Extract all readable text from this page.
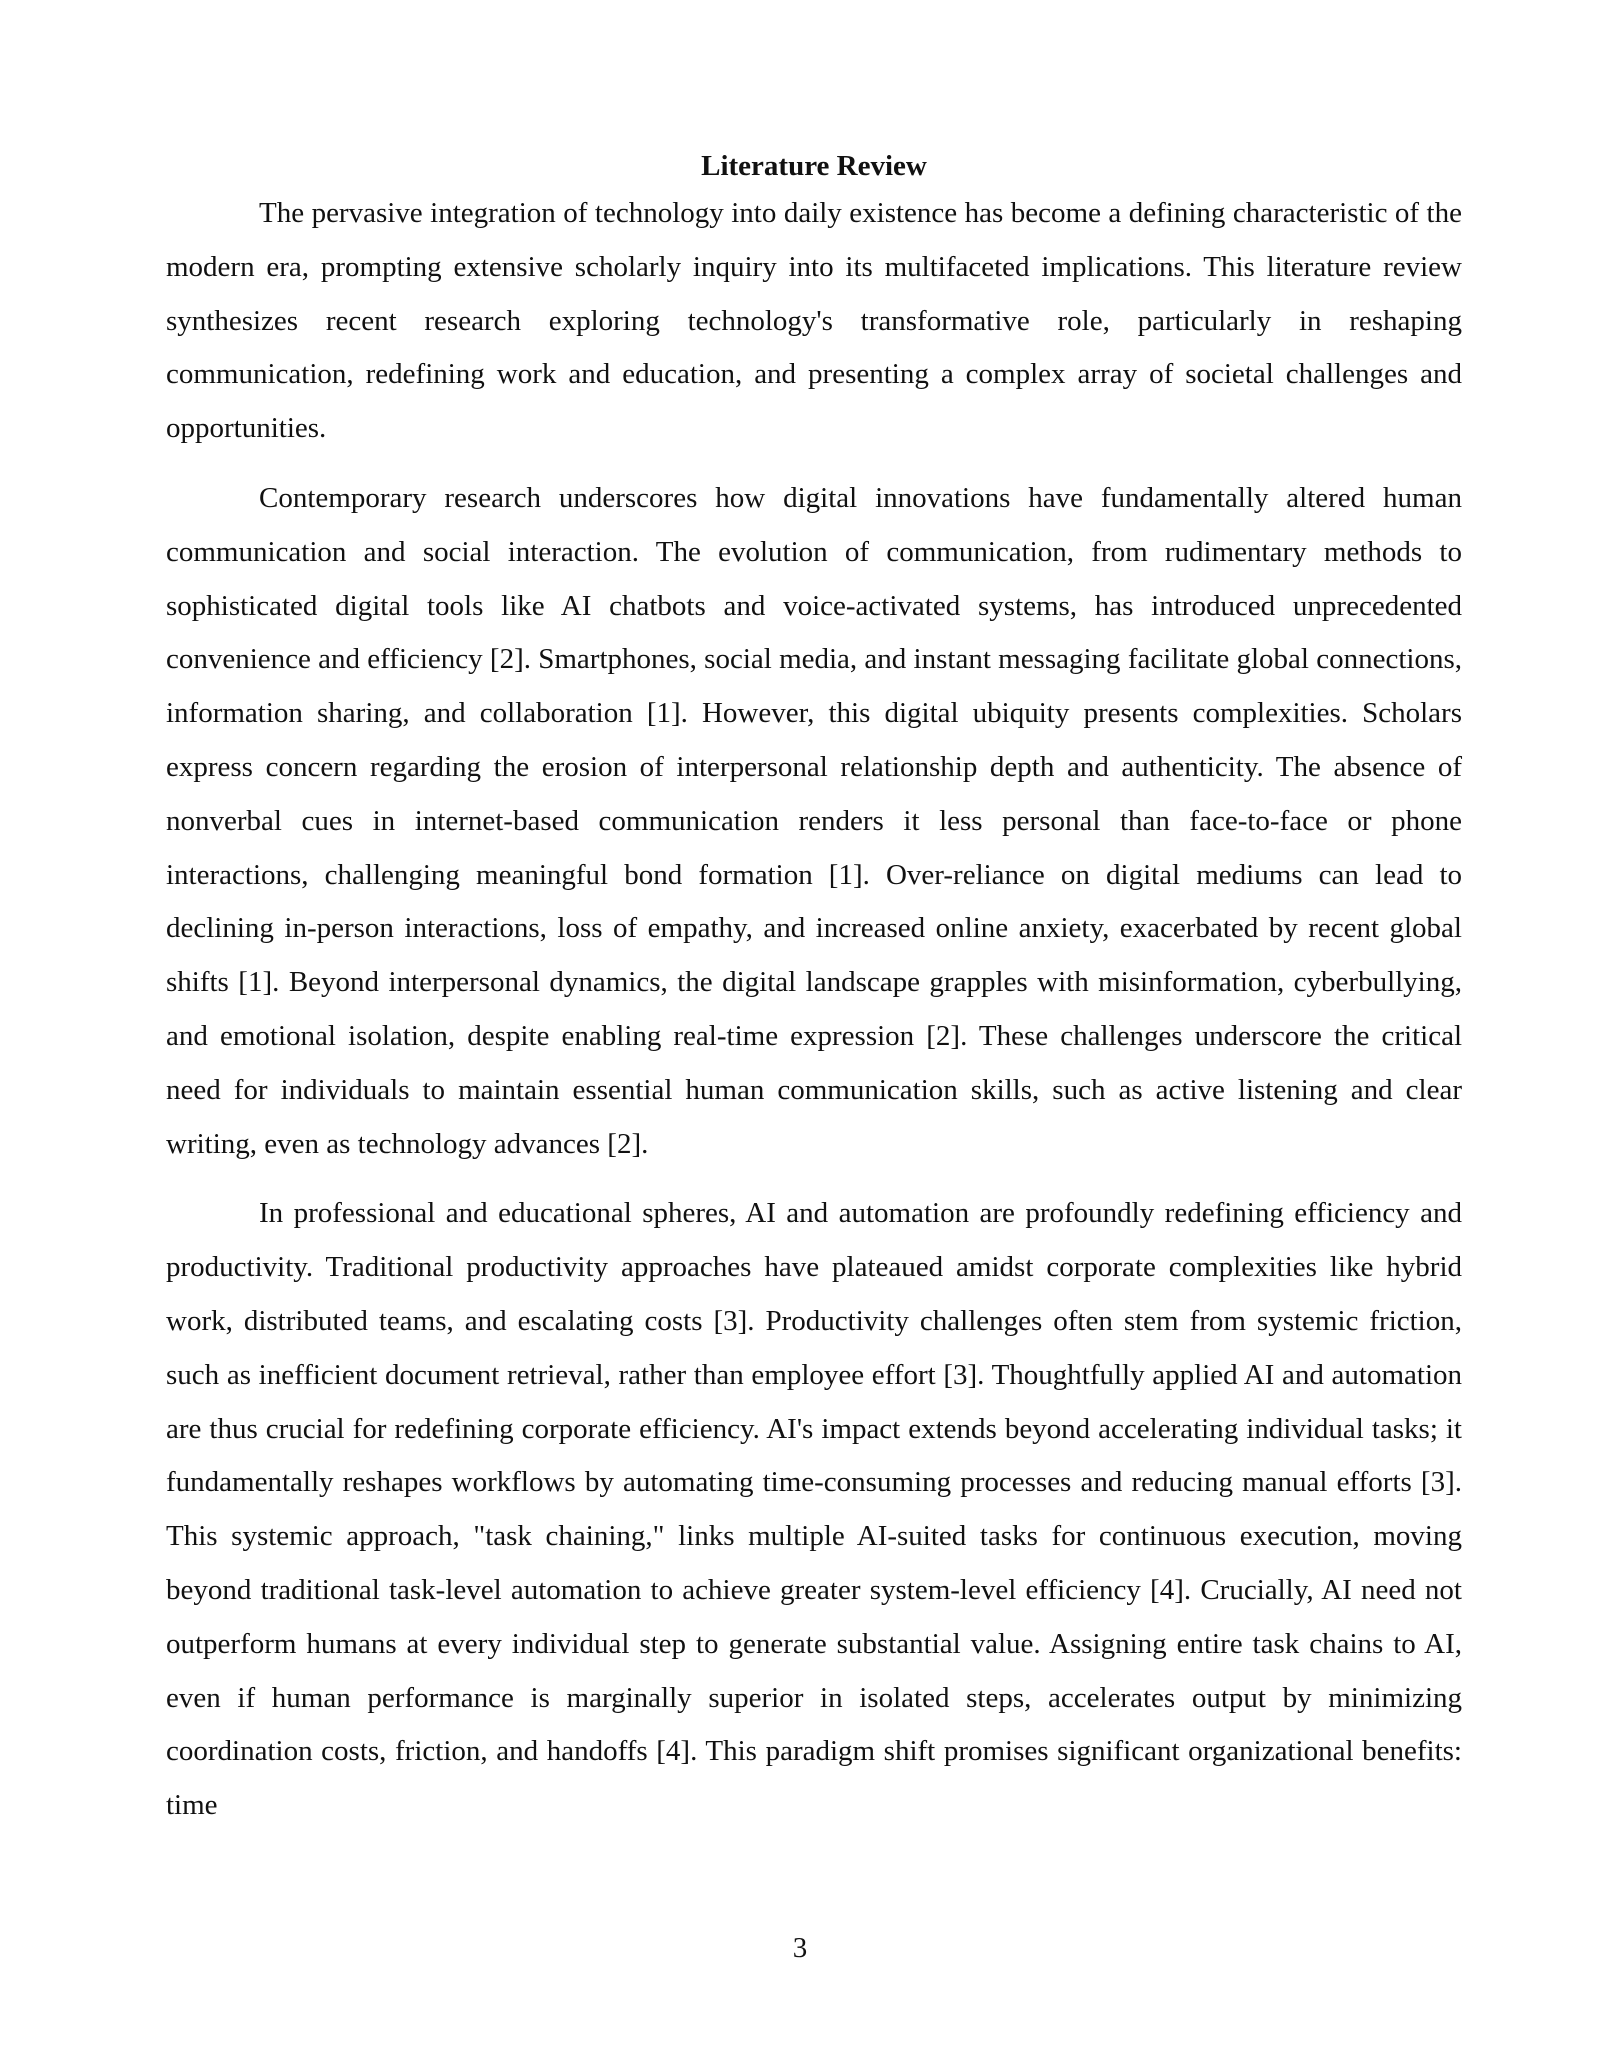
Literature Review

The pervasive integration of technology into daily existence has become a defining characteristic of the modern era, prompting extensive scholarly inquiry into its multifaceted implications. This literature review synthesizes recent research exploring technology's transformative role, particularly in reshaping communication, redefining work and education, and presenting a complex array of societal challenges and opportunities.

Contemporary research underscores how digital innovations have fundamentally altered human communication and social interaction. The evolution of communication, from rudimentary methods to sophisticated digital tools like AI chatbots and voice-activated systems, has introduced unprecedented convenience and efficiency [2]. Smartphones, social media, and instant messaging facilitate global connections, information sharing, and collaboration [1]. However, this digital ubiquity presents complexities. Scholars express concern regarding the erosion of interpersonal relationship depth and authenticity. The absence of nonverbal cues in internet-based communication renders it less personal than face-to-face or phone interactions, challenging meaningful bond formation [1]. Over-reliance on digital mediums can lead to declining in-person interactions, loss of empathy, and increased online anxiety, exacerbated by recent global shifts [1]. Beyond interpersonal dynamics, the digital landscape grapples with misinformation, cyberbullying, and emotional isolation, despite enabling real-time expression [2]. These challenges underscore the critical need for individuals to maintain essential human communication skills, such as active listening and clear writing, even as technology advances [2].

In professional and educational spheres, AI and automation are profoundly redefining efficiency and productivity. Traditional productivity approaches have plateaued amidst corporate complexities like hybrid work, distributed teams, and escalating costs [3]. Productivity challenges often stem from systemic friction, such as inefficient document retrieval, rather than employee effort [3]. Thoughtfully applied AI and automation are thus crucial for redefining corporate efficiency. AI's impact extends beyond accelerating individual tasks; it fundamentally reshapes workflows by automating time-consuming processes and reducing manual efforts [3]. This systemic approach, "task chaining," links multiple AI-suited tasks for continuous execution, moving beyond traditional task-level automation to achieve greater system-level efficiency [4]. Crucially, AI need not outperform humans at every individual step to generate substantial value. Assigning entire task chains to AI, even if human performance is marginally superior in isolated steps, accelerates output by minimizing coordination costs, friction, and handoffs [4]. This paradigm shift promises significant organizational benefits: time

3
